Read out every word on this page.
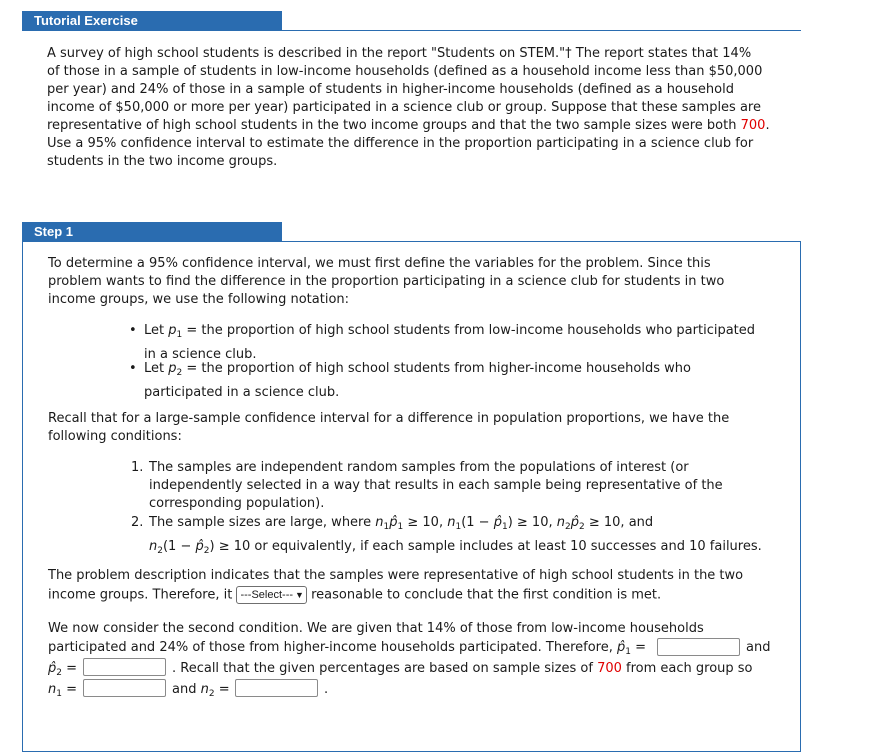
Tutorial Exercise
A survey of high school students is described in the report "Students on STEM."† The report states that 14%
of those in a sample of students in low-income households (defined as a household income less than $50,000
per year) and 24% of those in a sample of students in higher-income households (defined as a household
income of $50,000 or more per year) participated in a science club or group. Suppose that these samples are
representative of high school students in the two income groups and that the two sample sizes were both 700.
Use a 95% confidence interval to estimate the difference in the proportion participating in a science club for
students in the two income groups.
Step 1
To determine a 95% confidence interval, we must first define the variables for the problem. Since this
problem wants to find the difference in the proportion participating in a science club for students in two
income groups, we use the following notation:
• Let $p_1$ = the proportion of high school students from low-income households who participated
in a science club.
• Let $p_2$ = the proportion of high school students from higher-income households who
participated in a science club.
Recall that for a large-sample confidence interval for a difference in population proportions, we have the
following conditions:
1. The samples are independent random samples from the populations of interest (or
independently selected in a way that results in each sample being representative of the
corresponding population).
2. The sample sizes are large, where $n_1p̂_1 \ge 10$, $n_1(1$ − $p̂_1) \ge 10$, $n_2p̂_2 \ge 10$, and
$n_2(1$ − $p̂_2) \ge 10$ or equivalently, if each sample includes at least 10 successes and 10 failures.
The problem description indicates that the samples were representative of high school students in the two
income groups. Therefore, it ---Select--- ▼ reasonable to conclude that the first condition is met.
We now consider the second condition. We are given that 14% of those from low-income households
participated and 24% of those from higher-income households participated. Therefore, $p̂_1$ =	and
$p̂_2$ =	. Recall that the given percentages are based on sample sizes of 700 from each group so
$n_1$ =	and $n_2$ =	.
